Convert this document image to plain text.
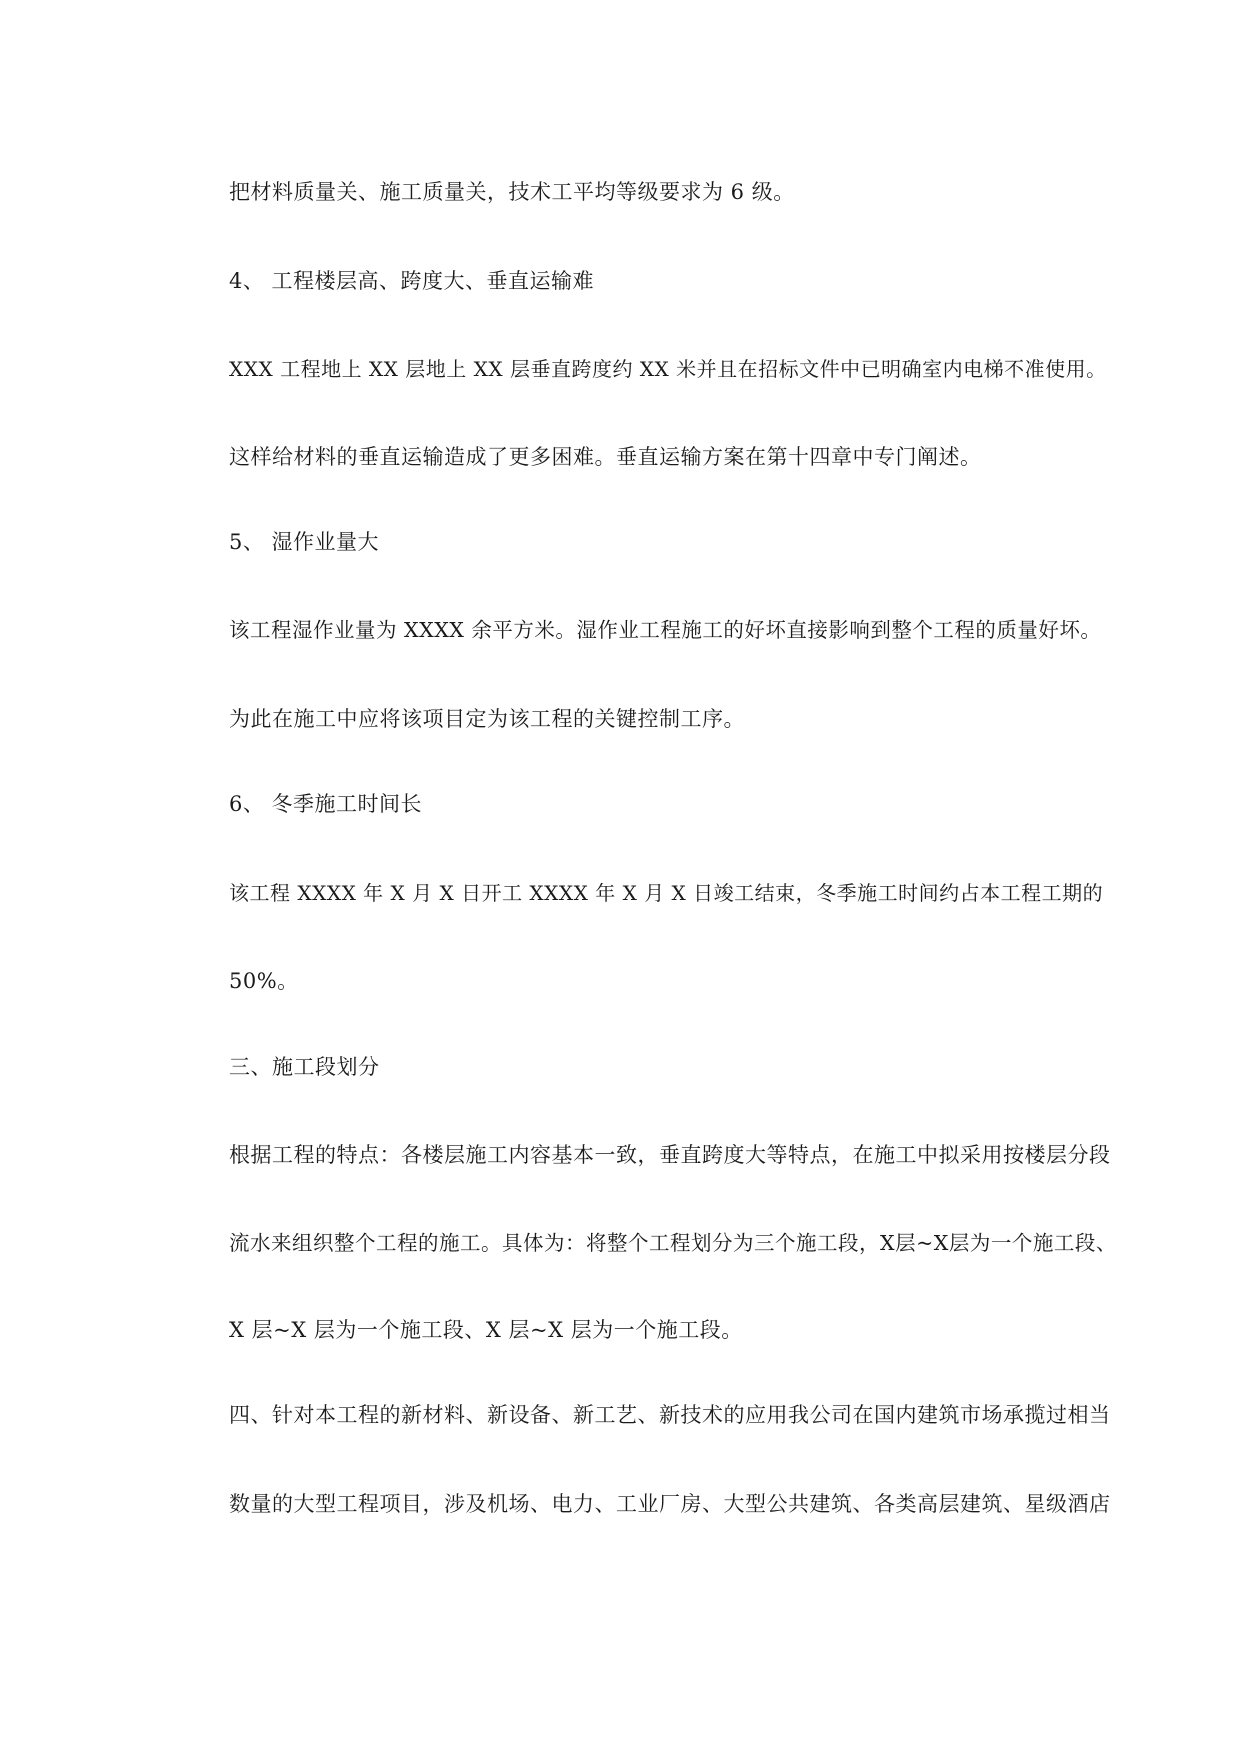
把材料质量关、施工质量关，技术工平均等级要求为 6 级。
4、 工程楼层高、跨度大、垂直运输难
XXX 工程地上 XX 层地上 XX 层垂直跨度约 XX 米并且在招标文件中已明确室内电梯不准使用。
这样给材料的垂直运输造成了更多困难。垂直运输方案在第十四章中专门阐述。
5、 湿作业量大
该工程湿作业量为 XXXX 余平方米。湿作业工程施工的好坏直接影响到整个工程的质量好坏。
为此在施工中应将该项目定为该工程的关键控制工序。
6、 冬季施工时间长
该工程 XXXX 年 X 月 X 日开工 XXXX 年 X 月 X 日竣工结束，冬季施工时间约占本工程工期的
50%。
三、施工段划分
根据工程的特点：各楼层施工内容基本一致，垂直跨度大等特点，在施工中拟采用按楼层分段
流水来组织整个工程的施工。具体为：将整个工程划分为三个施工段，X层~X层为一个施工段、
X 层~X 层为一个施工段、X 层~X 层为一个施工段。
四、针对本工程的新材料、新设备、新工艺、新技术的应用我公司在国内建筑市场承揽过相当
数量的大型工程项目，涉及机场、电力、工业厂房、大型公共建筑、各类高层建筑、星级酒店
